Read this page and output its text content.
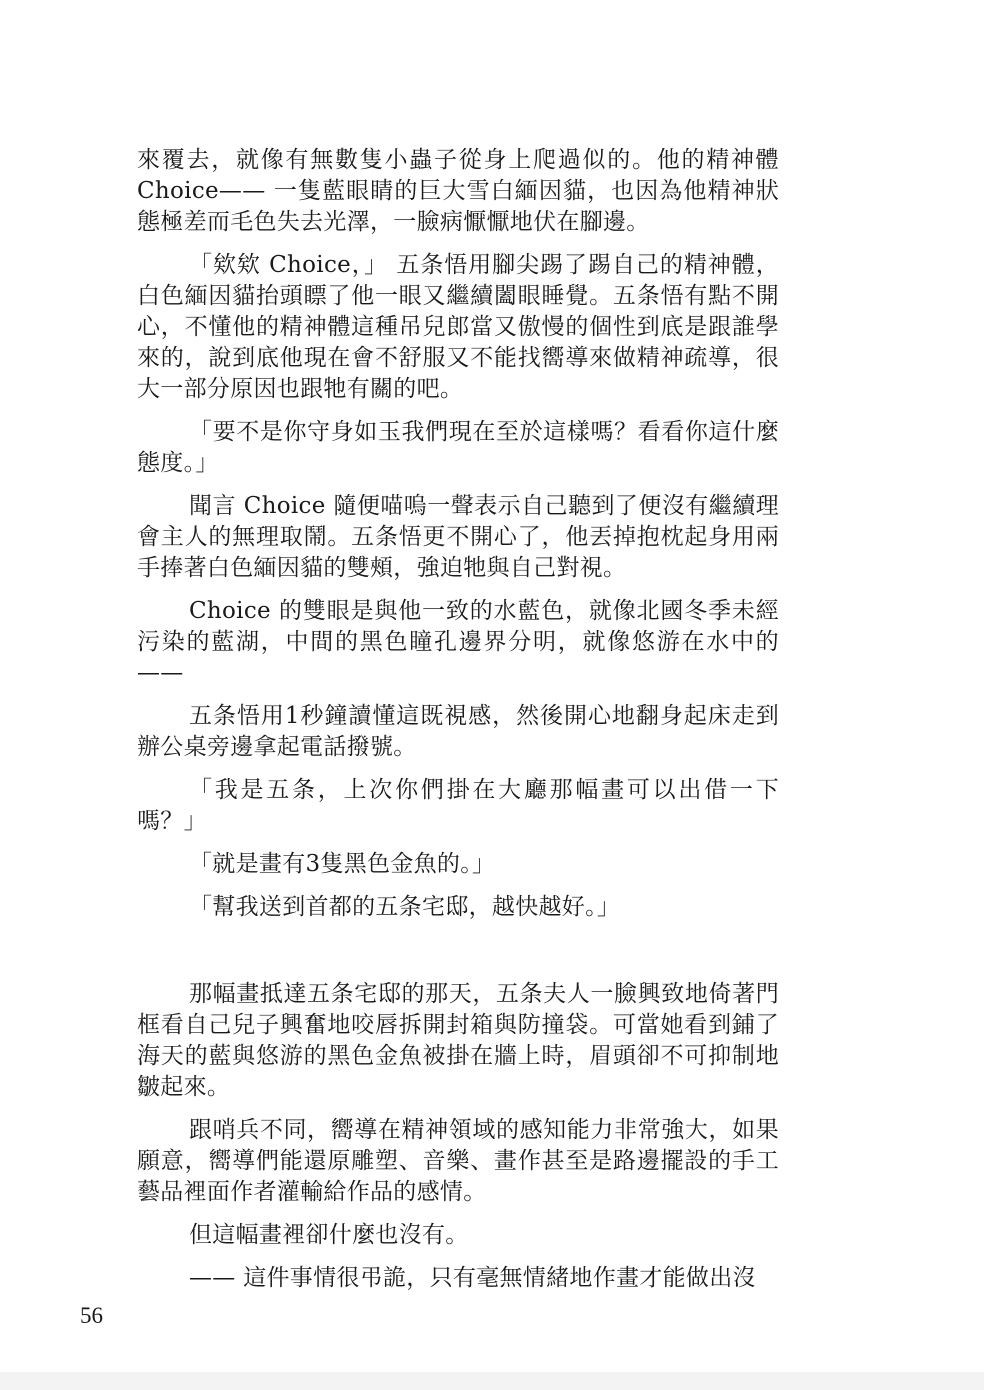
來覆去，就像有無數隻小蟲子從身上爬過似的。他的精神體Choice—— 一隻藍眼睛的巨大雪白緬因貓，也因為他精神狀態極差而毛色失去光澤，一臉病懨懨地伏在腳邊。

「欸欸 Choice，」 五条悟用腳尖踢了踢自己的精神體，白色緬因貓抬頭瞟了他一眼又繼續闔眼睡覺。五条悟有點不開心，不懂他的精神體這種吊兒郎當又傲慢的個性到底是跟誰學來的，說到底他現在會不舒服又不能找嚮導來做精神疏導，很大一部分原因也跟牠有關的吧。

「要不是你守身如玉我們現在至於這樣嗎？看看你這什麼態度。」

聞言 Choice 隨便喵嗚一聲表示自己聽到了便沒有繼續理會主人的無理取鬧。五条悟更不開心了，他丟掉抱枕起身用兩手捧著白色緬因貓的雙頰，強迫牠與自己對視。

Choice 的雙眼是與他一致的水藍色，就像北國冬季未經污染的藍湖，中間的黑色瞳孔邊界分明，就像悠游在水中的——

五条悟用1秒鐘讀懂這既視感，然後開心地翻身起床走到辦公桌旁邊拿起電話撥號。

「我是五条，上次你們掛在大廳那幅畫可以出借一下嗎？」

「就是畫有3隻黑色金魚的。」

「幫我送到首都的五条宅邸，越快越好。」

那幅畫抵達五条宅邸的那天，五条夫人一臉興致地倚著門框看自己兒子興奮地咬唇拆開封箱與防撞袋。可當她看到鋪了海天的藍與悠游的黑色金魚被掛在牆上時，眉頭卻不可抑制地皺起來。

跟哨兵不同，嚮導在精神領域的感知能力非常強大，如果願意，嚮導們能還原雕塑、音樂、畫作甚至是路邊擺設的手工藝品裡面作者灌輸給作品的感情。

但這幅畫裡卻什麼也沒有。

—— 這件事情很弔詭，只有毫無情緒地作畫才能做出沒

56
